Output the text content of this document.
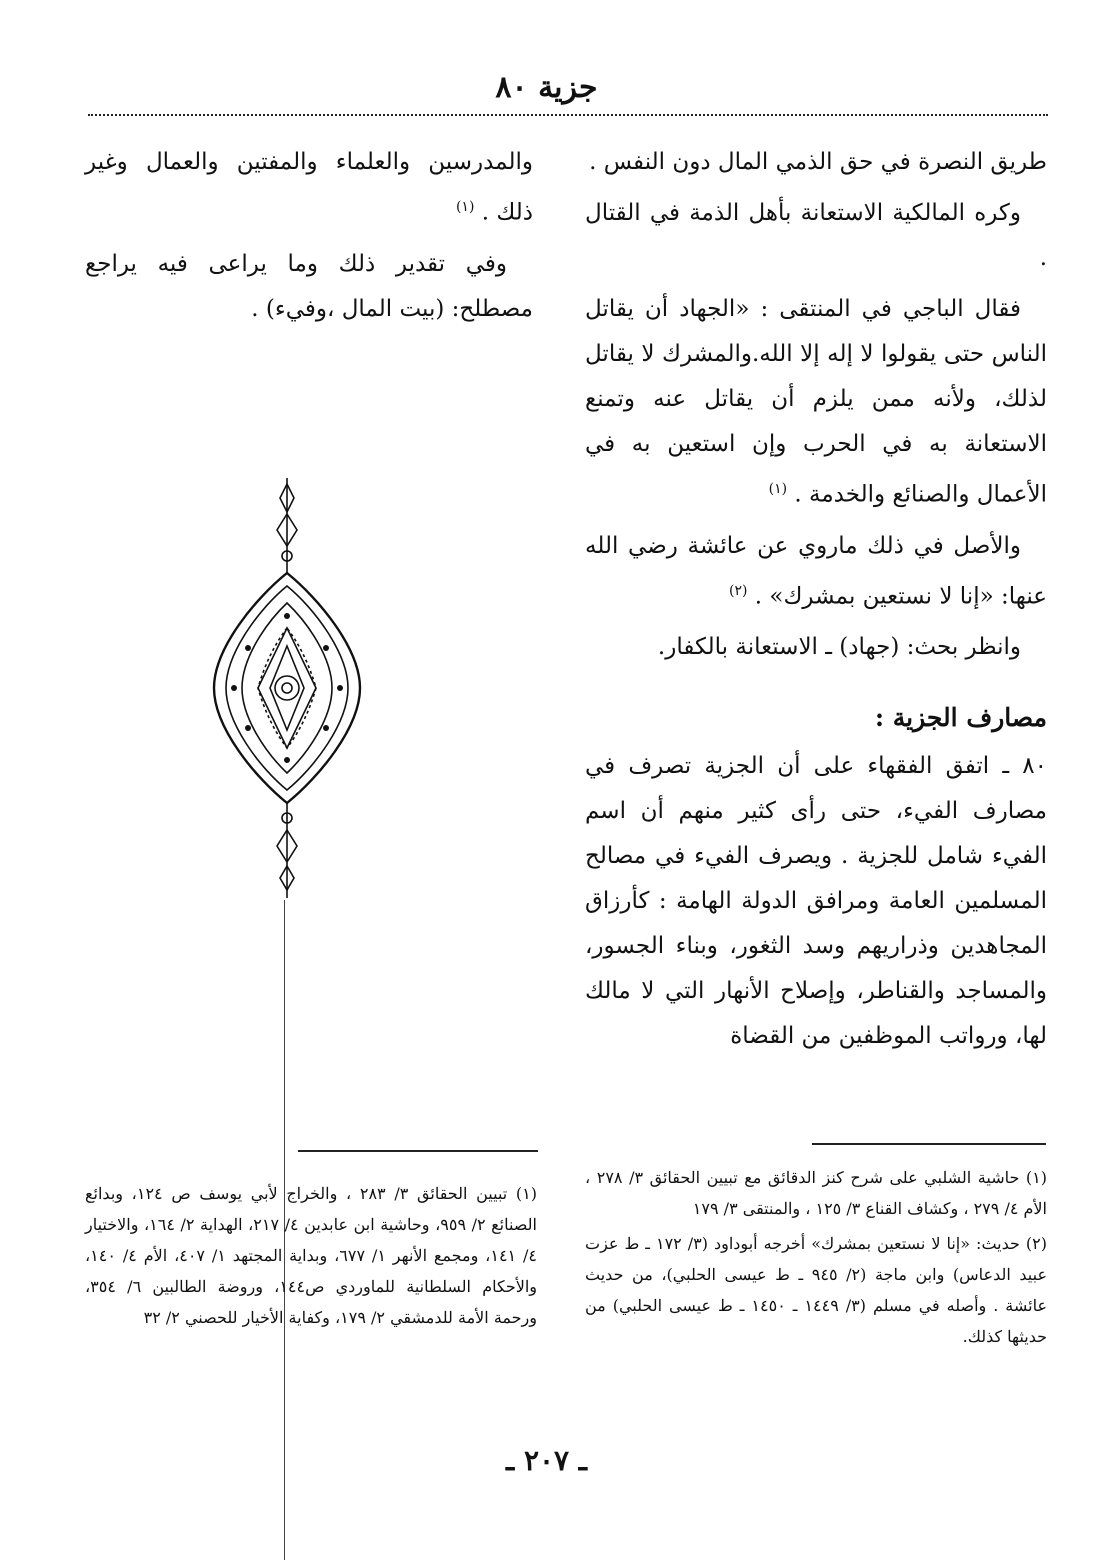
جزية ٨٠

طريق النصرة في حق الذمي المال دون النفس .

وكره المالكية الاستعانة بأهل الذمة في القتال .

فقال الباجي في المنتقى : «الجهاد أن يقاتل الناس حتى يقولوا لا إله إلا الله.والمشرك لا يقاتل لذلك، ولأنه ممن يلزم أن يقاتل عنه وتمنع الاستعانة به في الحرب وإن استعين به في الأعمال والصنائع والخدمة . $^{(١)}$

والأصل في ذلك ماروي عن عائشة رضي الله عنها: «إنا لا نستعين بمشرك» . $^{(٢)}$

وانظر بحث: (جهاد) ـ الاستعانة بالكفار.

مصارف الجزية :

٨٠ ـ اتفق الفقهاء على أن الجزية تصرف في مصارف الفيء، حتى رأى كثير منهم أن اسم الفيء شامل للجزية . ويصرف الفيء في مصالح المسلمين العامة ومرافق الدولة الهامة : كأرزاق المجاهدين وذراريهم وسد الثغور، وبناء الجسور، والمساجد والقناطر، وإصلاح الأنهار التي لا مالك لها، ورواتب الموظفين من القضاة

والمدرسين والعلماء والمفتين والعمال وغير ذلك . $^{(١)}$

وفي تقدير ذلك وما يراعى فيه يراجع مصطلح: (بيت المال ،وفيء) .

(١) حاشية الشلبي على شرح كنز الدقائق مع تبيين الحقائق ٣/ ٢٧٨ ، الأم ٤/ ٢٧٩ ، وكشاف القناع ٣/ ١٢٥ ، والمنتقى ٣/ ١٧٩

(٢) حديث: «إنا لا نستعين بمشرك» أخرجه أبوداود (٣/ ١٧٢ ـ ط عزت عبيد الدعاس) وابن ماجة (٢/ ٩٤٥ ـ ط عيسى الحلبي)، من حديث عائشة . وأصله في مسلم (٣/ ١٤٤٩ ـ ١٤٥٠ ـ ط عيسى الحلبي) من حديثها كذلك.

(١) تبيين الحقائق ٣/ ٢٨٣ ، والخراج لأبي يوسف ص ١٢٤، وبدائع الصنائع ٢/ ٩٥٩، وحاشية ابن عابدين ٤/ ٢١٧، الهداية ٢/ ١٦٤، والاختيار ٤/ ١٤١، ومجمع الأنهر ١/ ٦٧٧، وبداية المجتهد ١/ ٤٠٧، الأم ٤/ ١٤٠، والأحكام السلطانية للماوردي ص١٤٤، وروضة الطالبين ٦/ ٣٥٤، ورحمة الأمة للدمشقي ٢/ ١٧٩، وكفاية الأخيار للحصني ٢/ ٣٢

ـ ٢٠٧ ـ
